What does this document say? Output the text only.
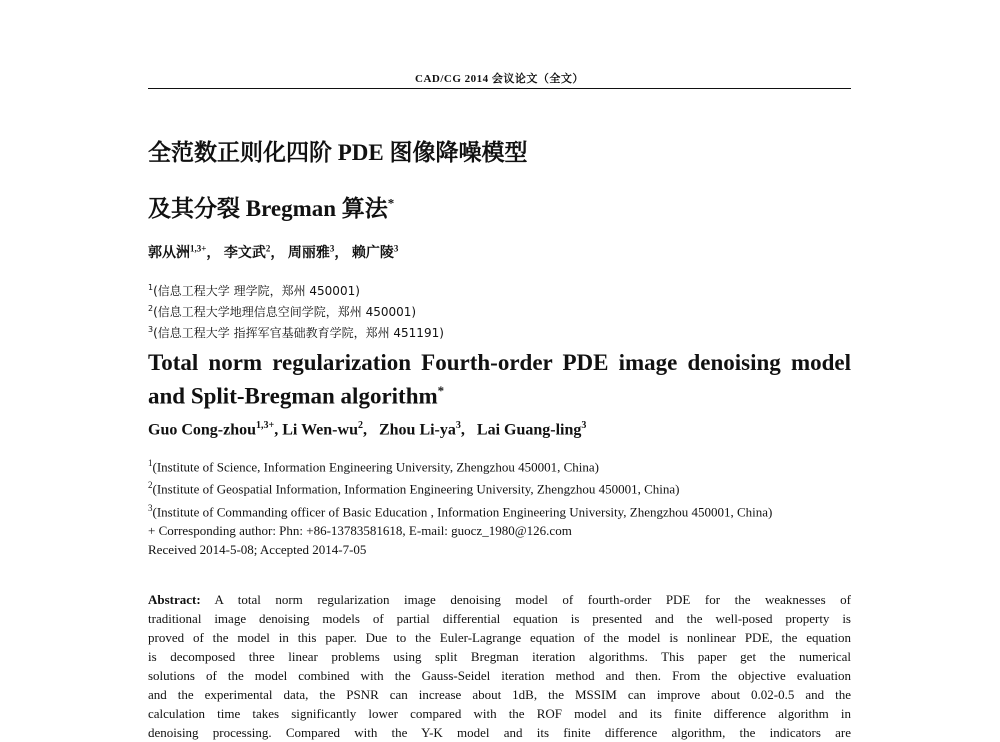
CAD/CG 2014 会议论文（全文）
全范数正则化四阶 PDE 图像降噪模型
及其分裂 Bregman 算法*
郭从洲$^{1,3+}$， 李文武$^2$， 周丽雅$^3$， 赖广陵$^3$
$^1$(信息工程大学 理学院，郑州 450001)
$^2$(信息工程大学地理信息空间学院，郑州 450001)
$^3$(信息工程大学 指挥军官基础教育学院，郑州 451191)
Total norm regularization Fourth-order PDE image denoising model
and Split-Bregman algorithm*
Guo Cong-zhou$^{1,3+}$, Li Wen-$wu^2$, Zhou $Li-ya^3$, Lai Guang-ling$^3$
$^1$(Institute of Science, Information Engineering University, Zhengzhou 450001, China)
$^2$(Institute of Geospatial Information, Information Engineering University, Zhengzhou 450001, China)
$^3$(Institute of Commanding officer of Basic Education , Information Engineering University, Zhengzhou 450001, China)
+ Corresponding author: Phn: +86-13783581618, E-mail: guocz_1980@126.com
Received 2014-5-08; Accepted 2014-7-05
Abstract: A total norm regularization image denoising model of fourth-order PDE for the weaknesses of
traditional image denoising models of partial differential equation is presented and the well-posed property is
proved of the model in this paper. Due to the Euler-Lagrange equation of the model is nonlinear PDE, the equation
is decomposed three linear problems using split Bregman iteration algorithms. This paper get the numerical
solutions of the model combined with the Gauss-Seidel iteration method and then. From the objective evaluation
and the experimental data, the PSNR can increase about 1dB, the MSSIM can improve about 0.02-0.5 and the
calculation time takes significantly lower compared with the ROF model and its finite difference algorithm in
denoising processing. Compared with the Y-K model and its finite difference algorithm, the indicators are
